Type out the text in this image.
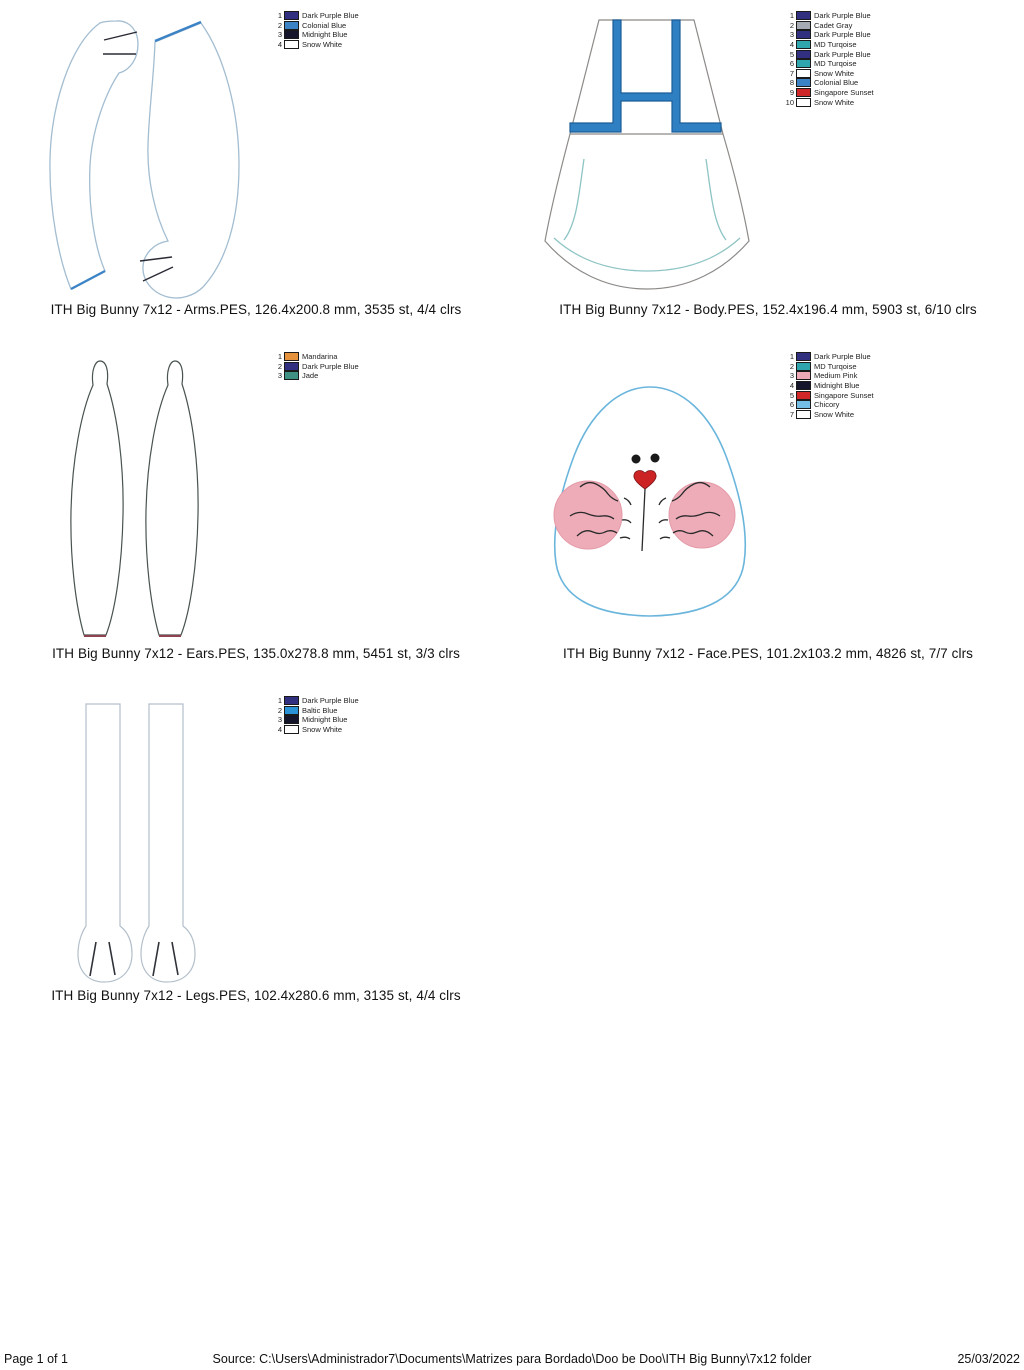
1	Dark Purple Blue
2	Colonial Blue
3	Midnight Blue
4	Snow White
ITH Big Bunny 7x12 - Arms.PES, 126.4x200.8 mm, 3535 st, 4/4 clrs
1	Dark Purple Blue
2	Cadet Gray
3	Dark Purple Blue
4	MD Turqoise
5	Dark Purple Blue
6	MD Turqoise
7	Snow White
8	Colonial Blue
9	Singapore Sunset
10	Snow White
ITH Big Bunny 7x12 - Body.PES, 152.4x196.4 mm, 5903 st, 6/10 clrs
1	Mandarina
2	Dark Purple Blue
3	Jade
ITH Big Bunny 7x12 - Ears.PES, 135.0x278.8 mm, 5451 st, 3/3 clrs
1	Dark Purple Blue
2	MD Turqoise
3	Medium Pink
4	Midnight Blue
5	Singapore Sunset
6	Chicory
7	Snow White
ITH Big Bunny 7x12 - Face.PES, 101.2x103.2 mm, 4826 st, 7/7 clrs
1	Dark Purple Blue
2	Baltic Blue
3	Midnight Blue
4	Snow White
ITH Big Bunny 7x12 - Legs.PES, 102.4x280.6 mm, 3135 st, 4/4 clrs
Page 1 of 1	Source: C:\Users\Administrador7\Documents\Matrizes para Bordado\Doo be Doo\ITH Big Bunny\7x12 folder	25/03/2022
